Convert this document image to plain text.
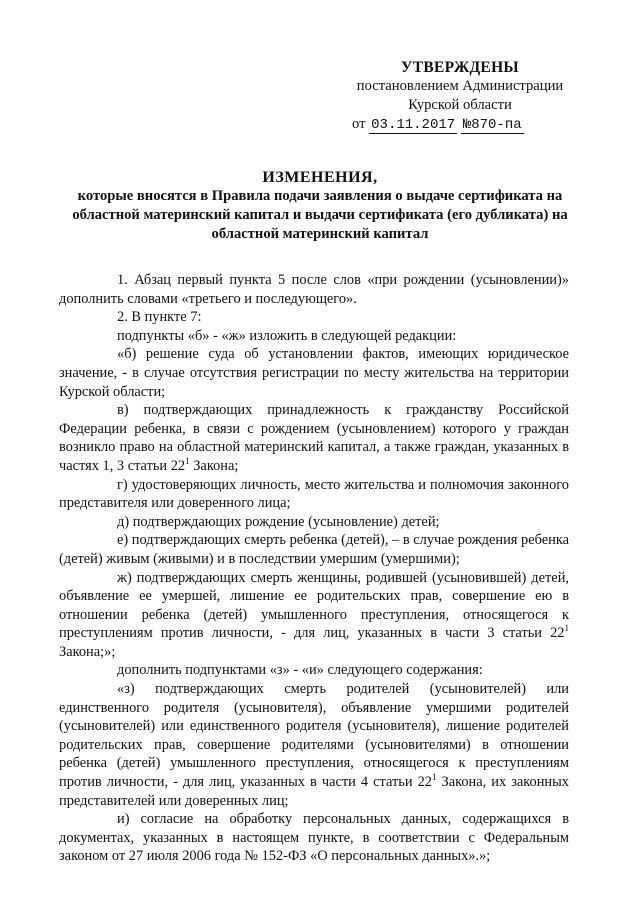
УТВЕРЖДЕНЫ
постановлением Администрации
Курской области
от 03.11.2017 №870-па
ИЗМЕНЕНИЯ,
которые вносятся в Правила подачи заявления о выдаче сертификата на областной материнский капитал и выдачи сертификата (его дубликата) на областной материнский капитал

1. Абзац первый пункта 5 после слов «при рождении (усыновлении)» дополнить словами «третьего и последующего».

2. В пункте 7:

подпункты «б» - «ж» изложить в следующей редакции:

«б) решение суда об установлении фактов, имеющих юридическое значение, - в случае отсутствия регистрации по месту жительства на территории Курской области;

в) подтверждающих принадлежность к гражданству Российской Федерации ребенка, в связи с рождением (усыновлением) которого у граждан возникло право на областной материнский капитал, а также граждан, указанных в частях 1, 3 статьи $22^1$ Закона;

г) удостоверяющих личность, место жительства и полномочия законного представителя или доверенного лица;

д) подтверждающих рождение (усыновление) детей;

е) подтверждающих смерть ребенка (детей), – в случае рождения ребенка (детей) живым (живыми) и в последствии умершим (умершими);

ж) подтверждающих смерть женщины, родившей (усыновившей) детей, объявление ее умершей, лишение ее родительских прав, совершение ею в отношении ребенка (детей) умышленного преступления, относящегося к преступлениям против личности, - для лиц, указанных в части 3 статьи $22^1$ Закона;»;

дополнить подпунктами «з» - «и» следующего содержания:

«з) подтверждающих смерть родителей (усыновителей) или единственного родителя (усыновителя), объявление умершими родителей (усыновителей) или единственного родителя (усыновителя), лишение родителей родительских прав, совершение родителями (усыновителями) в отношении ребенка (детей) умышленного преступления, относящегося к преступлениям против личности, - для лиц, указанных в части 4 статьи $22^1$ Закона, их законных представителей или доверенных лиц;

и) согласие на обработку персональных данных, содержащихся в документах, указанных в настоящем пункте, в соответствии с Федеральным законом от 27 июля 2006 года № 152-ФЗ «О персональных данных».»;
